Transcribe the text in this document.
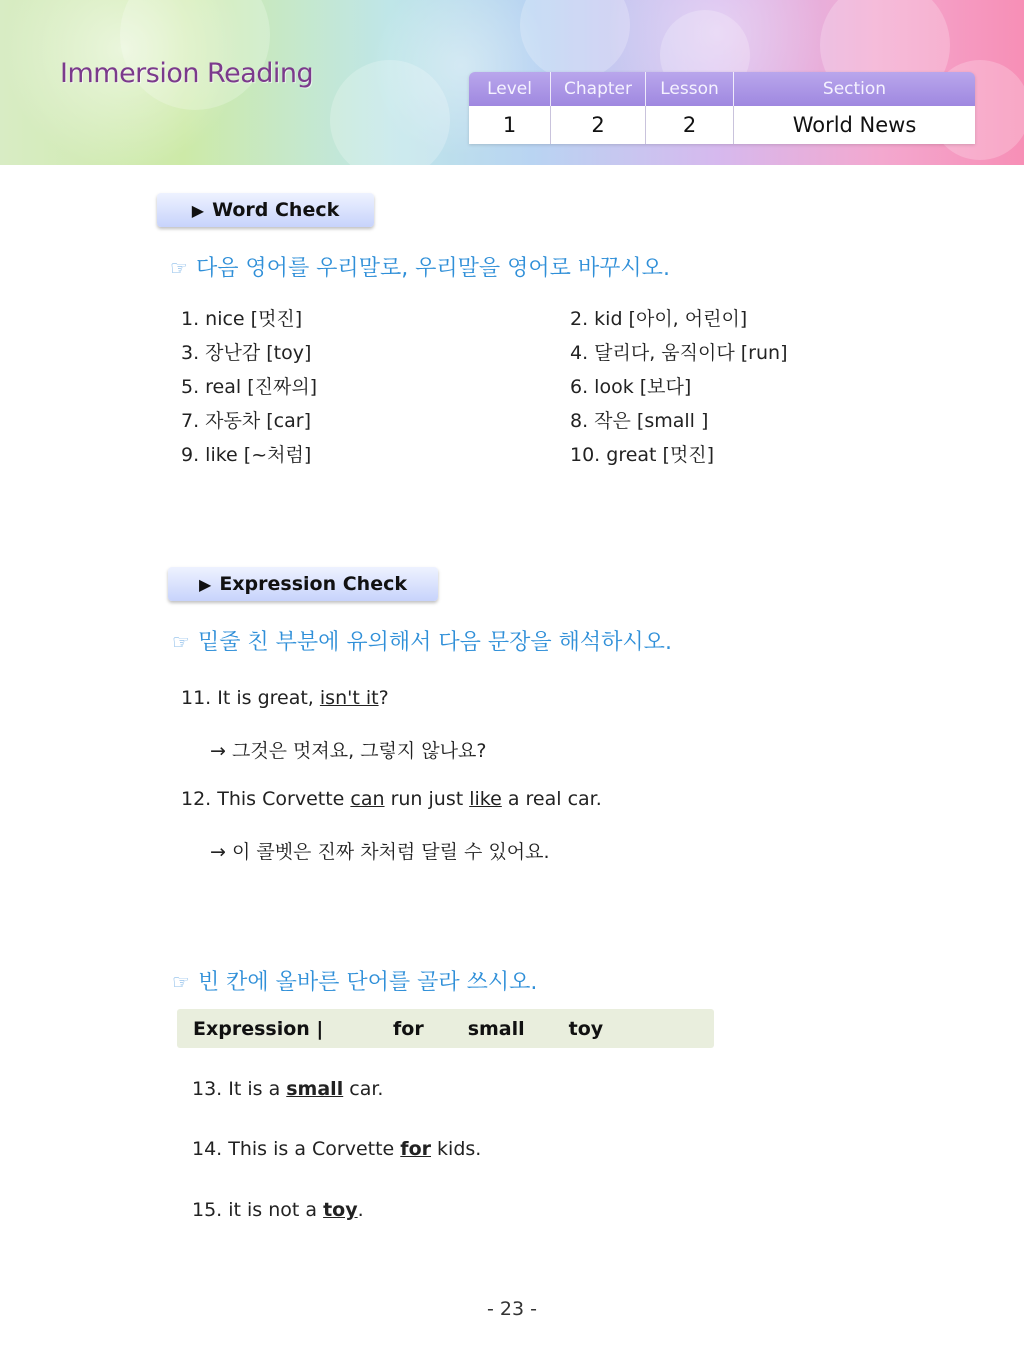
Immersion Reading	Level	Chapter	Lesson	Section
1	2	2	World News
▶ Word Check
☞ 다음 영어를 우리말로, 우리말을 영어로 바꾸시오.
1. nice [멋진]	2. kid [아이, 어린이]
3. 장난감 [toy]	4. 달리다, 움직이다 [run]
5. real [진짜의]	6. look [보다]
7. 자동차 [car]	8. 작은 [small ]
9. like [~처럼]	10. great [멋진]
▶ Expression Check
☞ 밑줄 친 부분에 유의해서 다음 문장을 해석하시오.
11. It is great, isn't it?
→ 그것은 멋져요, 그렇지 않나요?
12. This Corvette can run just like a real car.
→ 이 콜벳은 진짜 차처럼 달릴 수 있어요.
☞ 빈 칸에 올바른 단어를 골라 쓰시오.
Expression |	for small toy
13. It is a small car.
14. This is a Corvette for kids.
15. it is not a toy.
- 23 -
